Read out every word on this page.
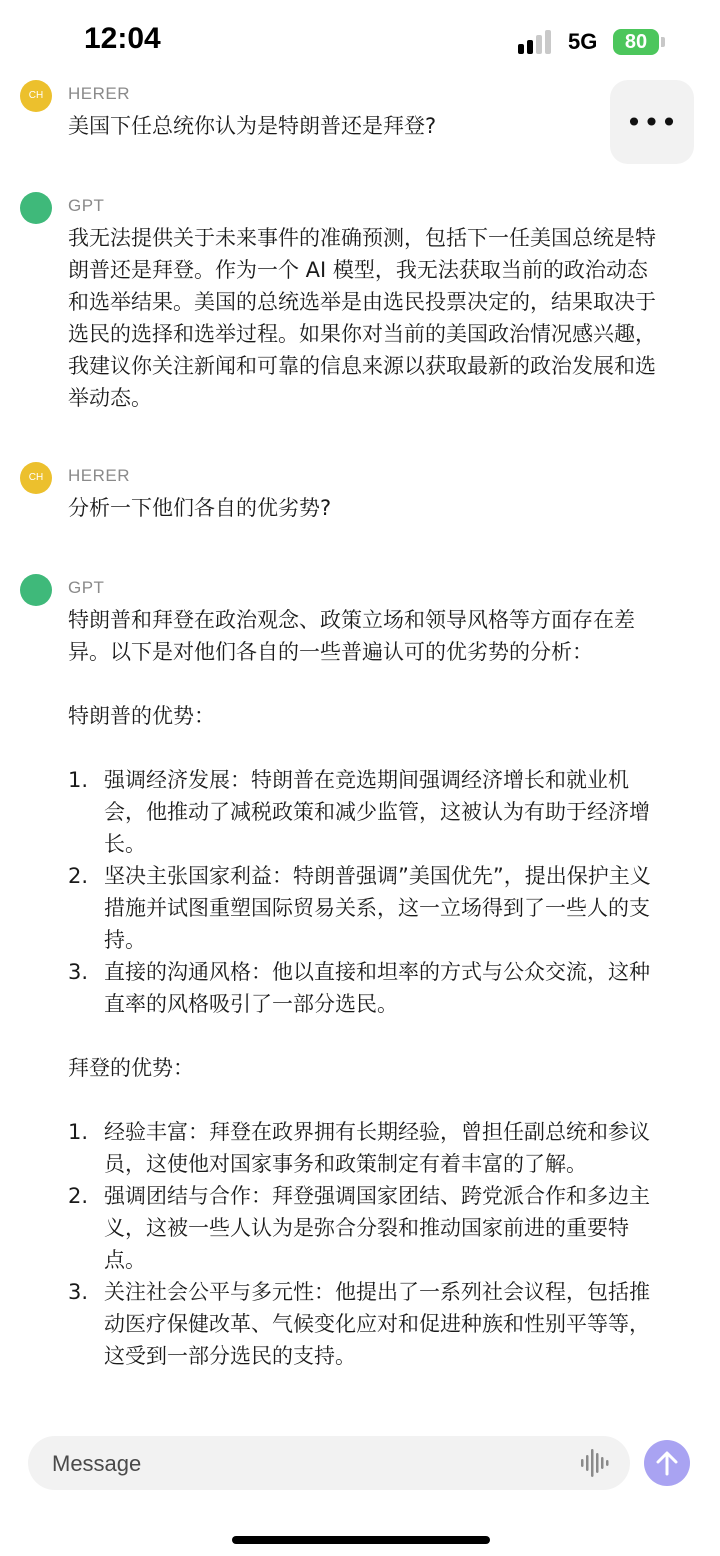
12:04	5G	80
•••
CH	HERER

美国下任总统你认为是特朗普还是拜登?

GPT

我无法提供关于未来事件的准确预测，包括下一任美国总统是特朗普还是拜登。作为一个 AI 模型，我无法获取当前的政治动态和选举结果。美国的总统选举是由选民投票决定的，结果取决于选民的选择和选举过程。如果你对当前的美国政治情况感兴趣，我建议你关注新闻和可靠的信息来源以获取最新的政治发展和选举动态。

CH	HERER

分析一下他们各自的优劣势?

GPT

特朗普和拜登在政治观念、政策立场和领导风格等方面存在差异。以下是对他们各自的一些普遍认可的优劣势的分析：

特朗普的优势：

1. 强调经济发展：特朗普在竞选期间强调经济增长和就业机会，他推动了减税政策和减少监管，这被认为有助于经济增长。
2. 坚决主张国家利益：特朗普强调”美国优先”，提出保护主义措施并试图重塑国际贸易关系，这一立场得到了一些人的支持。
3. 直接的沟通风格：他以直接和坦率的方式与公众交流，这种直率的风格吸引了一部分选民。

拜登的优势：

1. 经验丰富：拜登在政界拥有长期经验，曾担任副总统和参议员，这使他对国家事务和政策制定有着丰富的了解。
2. 强调团结与合作：拜登强调国家团结、跨党派合作和多边主义，这被一些人认为是弥合分裂和推动国家前进的重要特点。
3. 关注社会公平与多元性：他提出了一系列社会议程，包括推动医疗保健改革、气候变化应对和促进种族和性别平等等，这受到一部分选民的支持。
Message
